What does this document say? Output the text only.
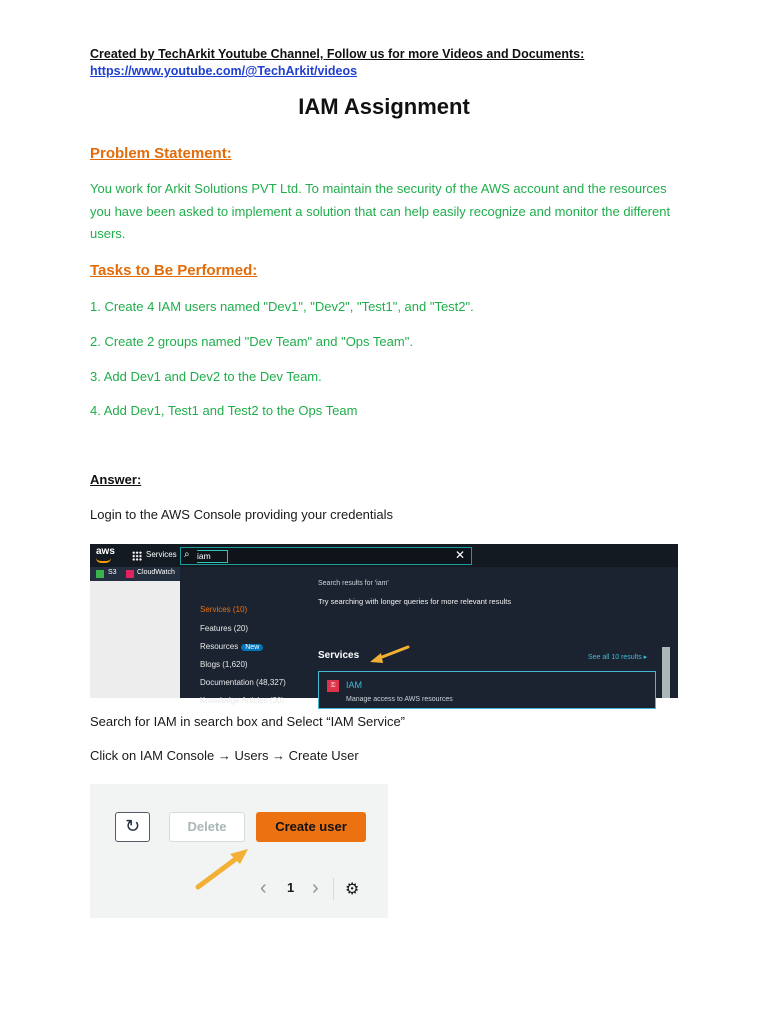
Created by TechArkit Youtube Channel, Follow us for more Videos and Documents:
https://www.youtube.com/@TechArkit/videos
IAM Assignment
Problem Statement:
You work for Arkit Solutions PVT Ltd. To maintain the security of the AWS account and the resources you have been asked to implement a solution that can help easily recognize and monitor the different users.
Tasks to Be Performed:
1. Create 4 IAM users named "Dev1", "Dev2", "Test1", and "Test2".
2. Create 2 groups named "Dev Team" and "Ops Team".
3. Add Dev1 and Dev2 to the Dev Team.
4. Add Dev1, Test1 and Test2 to the Ops Team
Answer:
Login to the AWS Console providing your credentials
aws	Services ⌕ iam	✕
S3	CloudWatch
Services (10)
Features (20)
Resources New
Blogs (1,620)
Documentation (48,327)
Knowledge Articles (30)
Search results for 'iam'
Try searching with longer queries for more relevant results
Services	See all 10 results ▸
⚿	IAM
Manage access to AWS resources
Search for IAM in search box and Select “IAM Service”
Click on IAM Console → Users → Create User
↻	Delete	Create user
‹ 1 › ⚙
